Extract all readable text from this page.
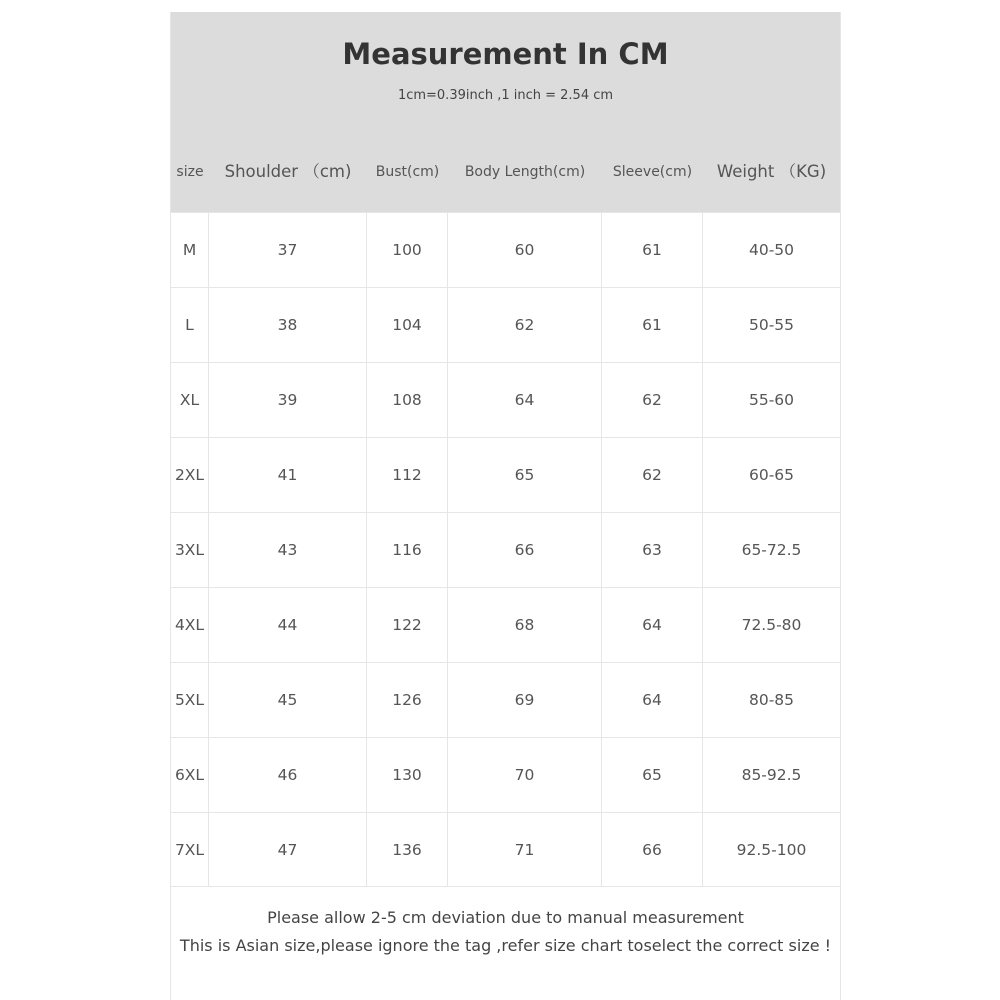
Measurement In CM
1cm=0.39inch ,1 inch = 2.54 cm
size	Shoulder （cm)	Bust(cm)	Body Length(cm)	Sleeve(cm)	Weight （KG)
M	37	100	60	61	40-50
L	38	104	62	61	50-55
XL	39	108	64	62	55-60
2XL	41	112	65	62	60-65
3XL	43	116	66	63	65-72.5
4XL	44	122	68	64	72.5-80
5XL	45	126	69	64	80-85
6XL	46	130	70	65	85-92.5
7XL	47	136	71	66	92.5-100
Please allow 2-5 cm deviation due to manual measurement
This is Asian size,please ignore the tag ,refer size chart toselect the correct size !
